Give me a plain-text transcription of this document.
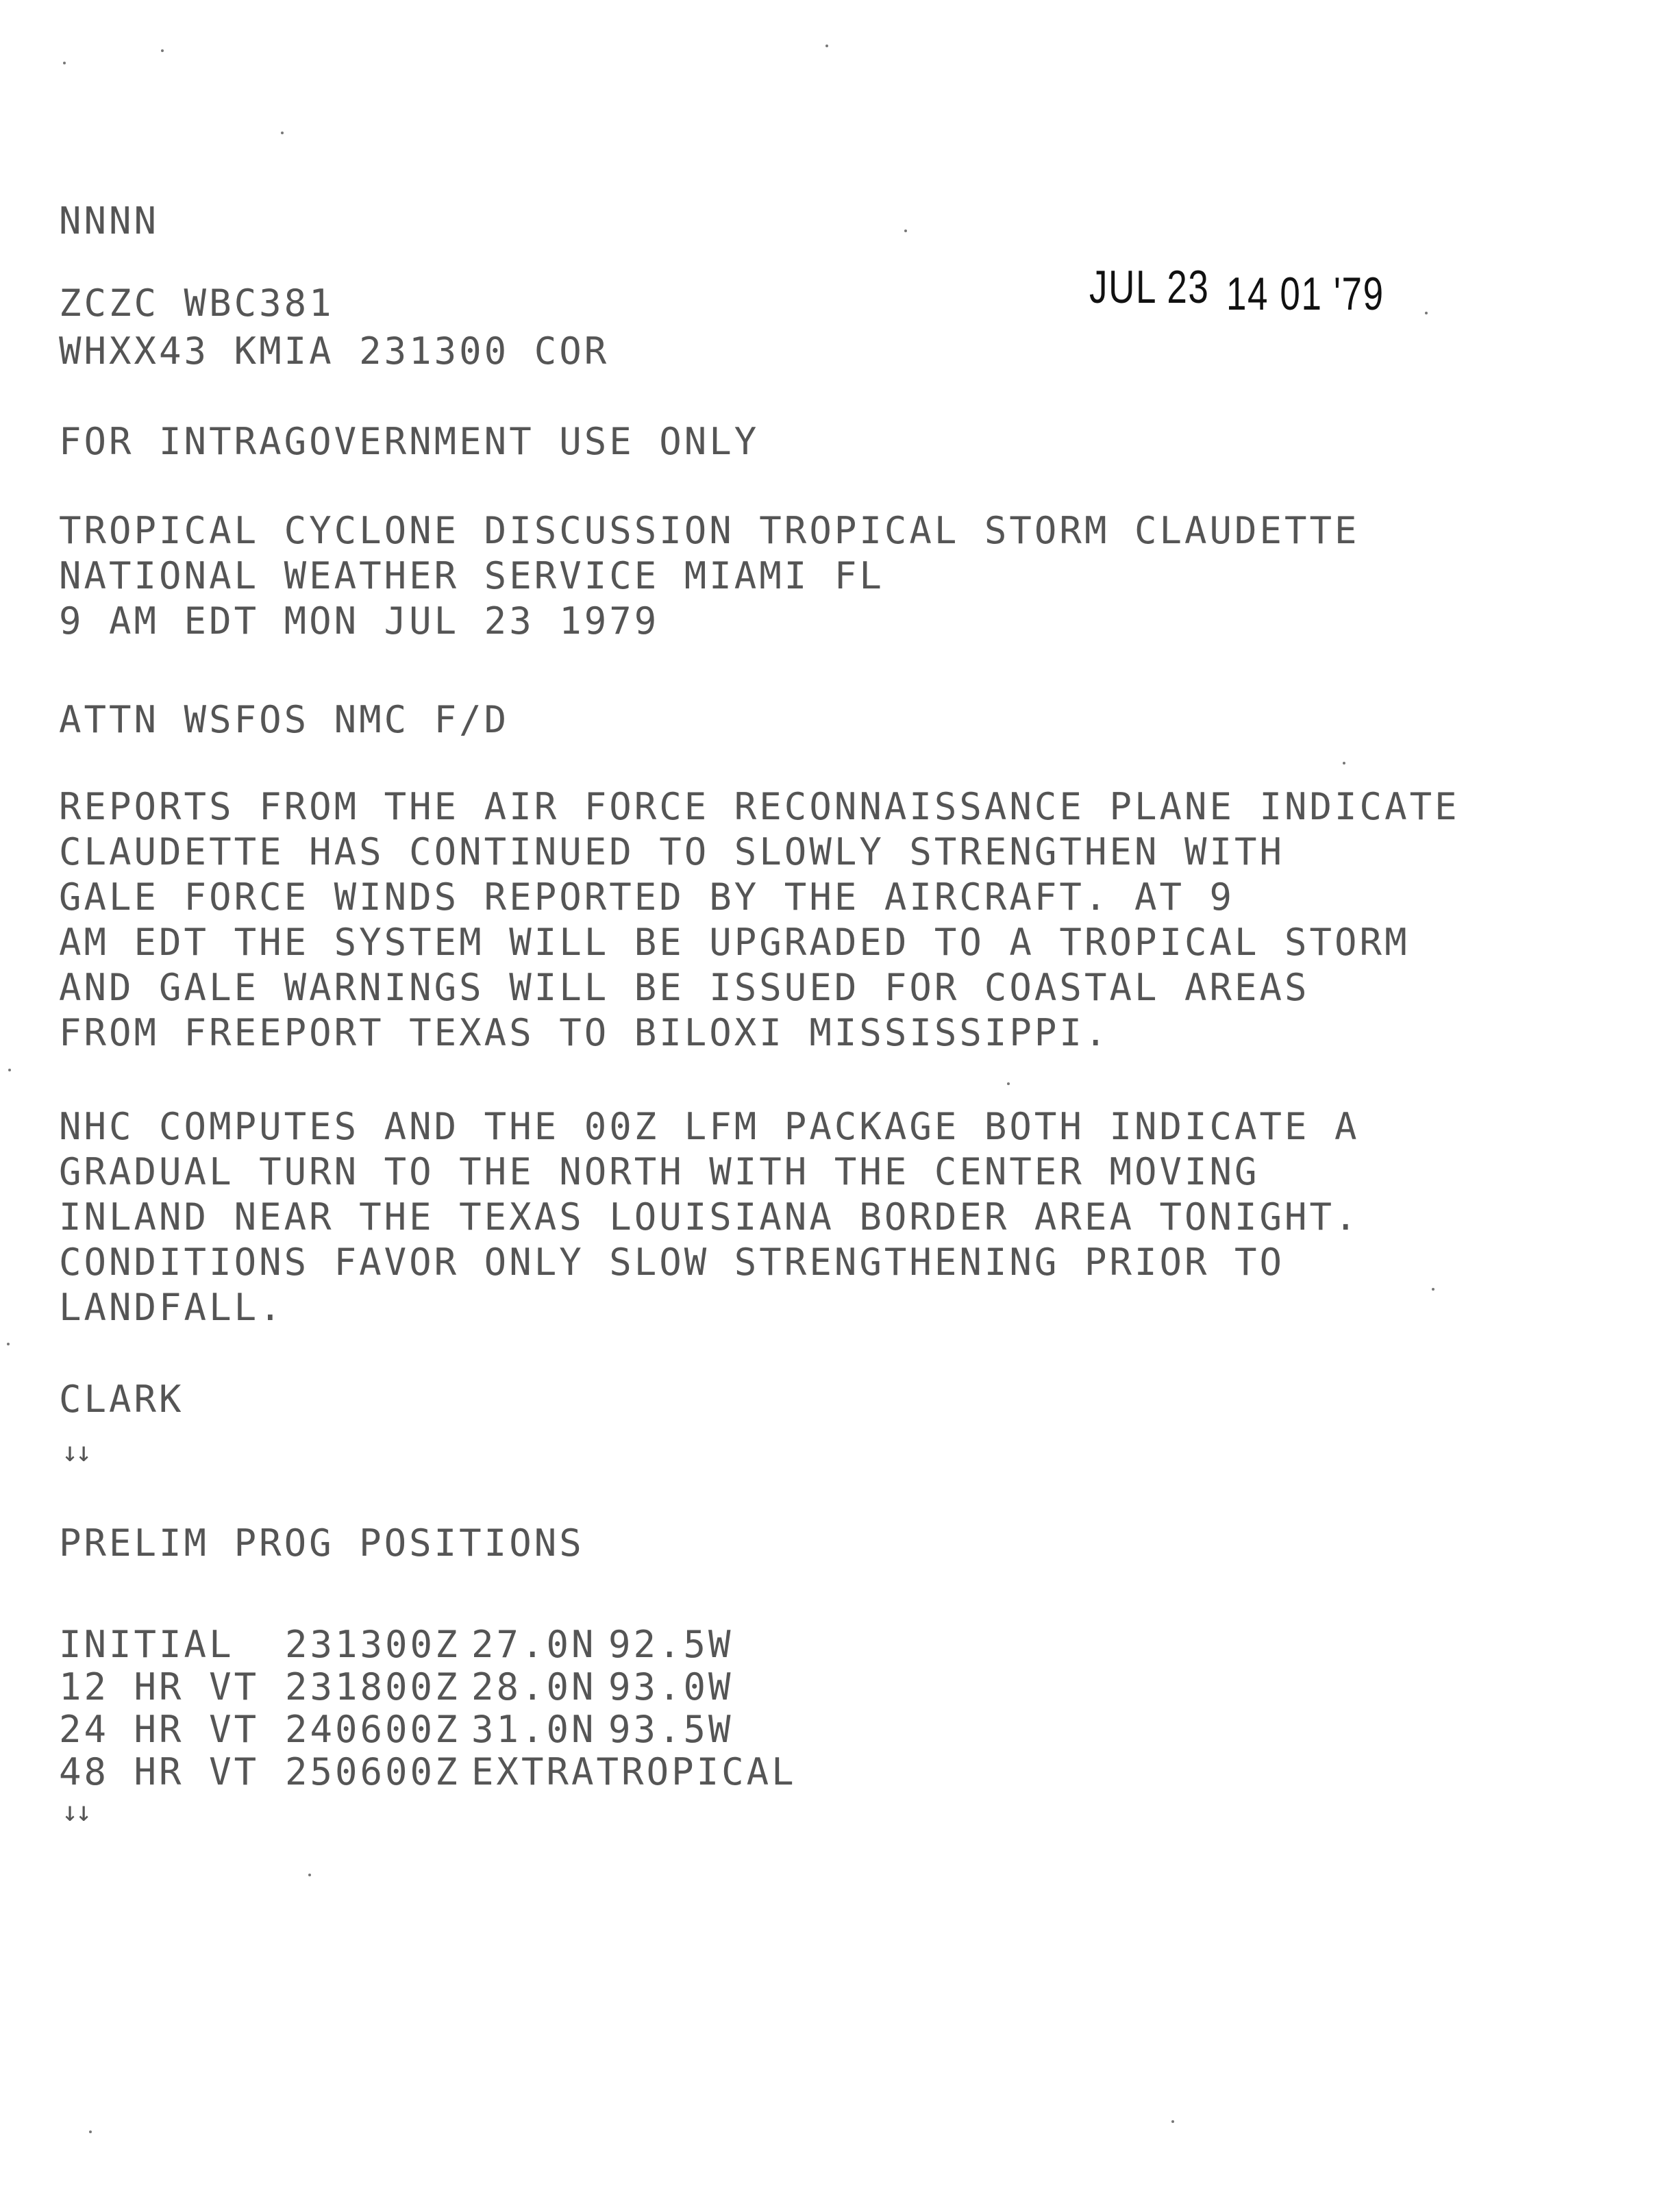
NNNN
JUL 23 14 01 '79
ZCZC WBC381
WHXX43 KMIA 231300 COR
FOR INTRAGOVERNMENT USE ONLY
TROPICAL CYCLONE DISCUSSION TROPICAL STORM CLAUDETTE
NATIONAL WEATHER SERVICE MIAMI FL
9 AM EDT MON JUL 23 1979
ATTN WSFOS NMC F/D
REPORTS FROM THE AIR FORCE RECONNAISSANCE PLANE INDICATE
CLAUDETTE HAS CONTINUED TO SLOWLY STRENGTHEN WITH
GALE FORCE WINDS REPORTED BY THE AIRCRAFT. AT 9
AM EDT THE SYSTEM WILL BE UPGRADED TO A TROPICAL STORM
AND GALE WARNINGS WILL BE ISSUED FOR COASTAL AREAS
FROM FREEPORT TEXAS TO BILOXI MISSISSIPPI.
NHC COMPUTES AND THE 00Z LFM PACKAGE BOTH INDICATE A
GRADUAL TURN TO THE NORTH WITH THE CENTER MOVING
INLAND NEAR THE TEXAS LOUISIANA BORDER AREA TONIGHT.
CONDITIONS FAVOR ONLY SLOW STRENGTHENING PRIOR TO
LANDFALL.
CLARK
↓↓
PRELIM PROG POSITIONS
INITIAL	231300Z 27.0N 92.5W
12 HR VT 231800Z 28.0N 93.0W
24 HR VT 240600Z 31.0N 93.5W
48 HR VT 250600Z EXTRATROPICAL
↓↓
